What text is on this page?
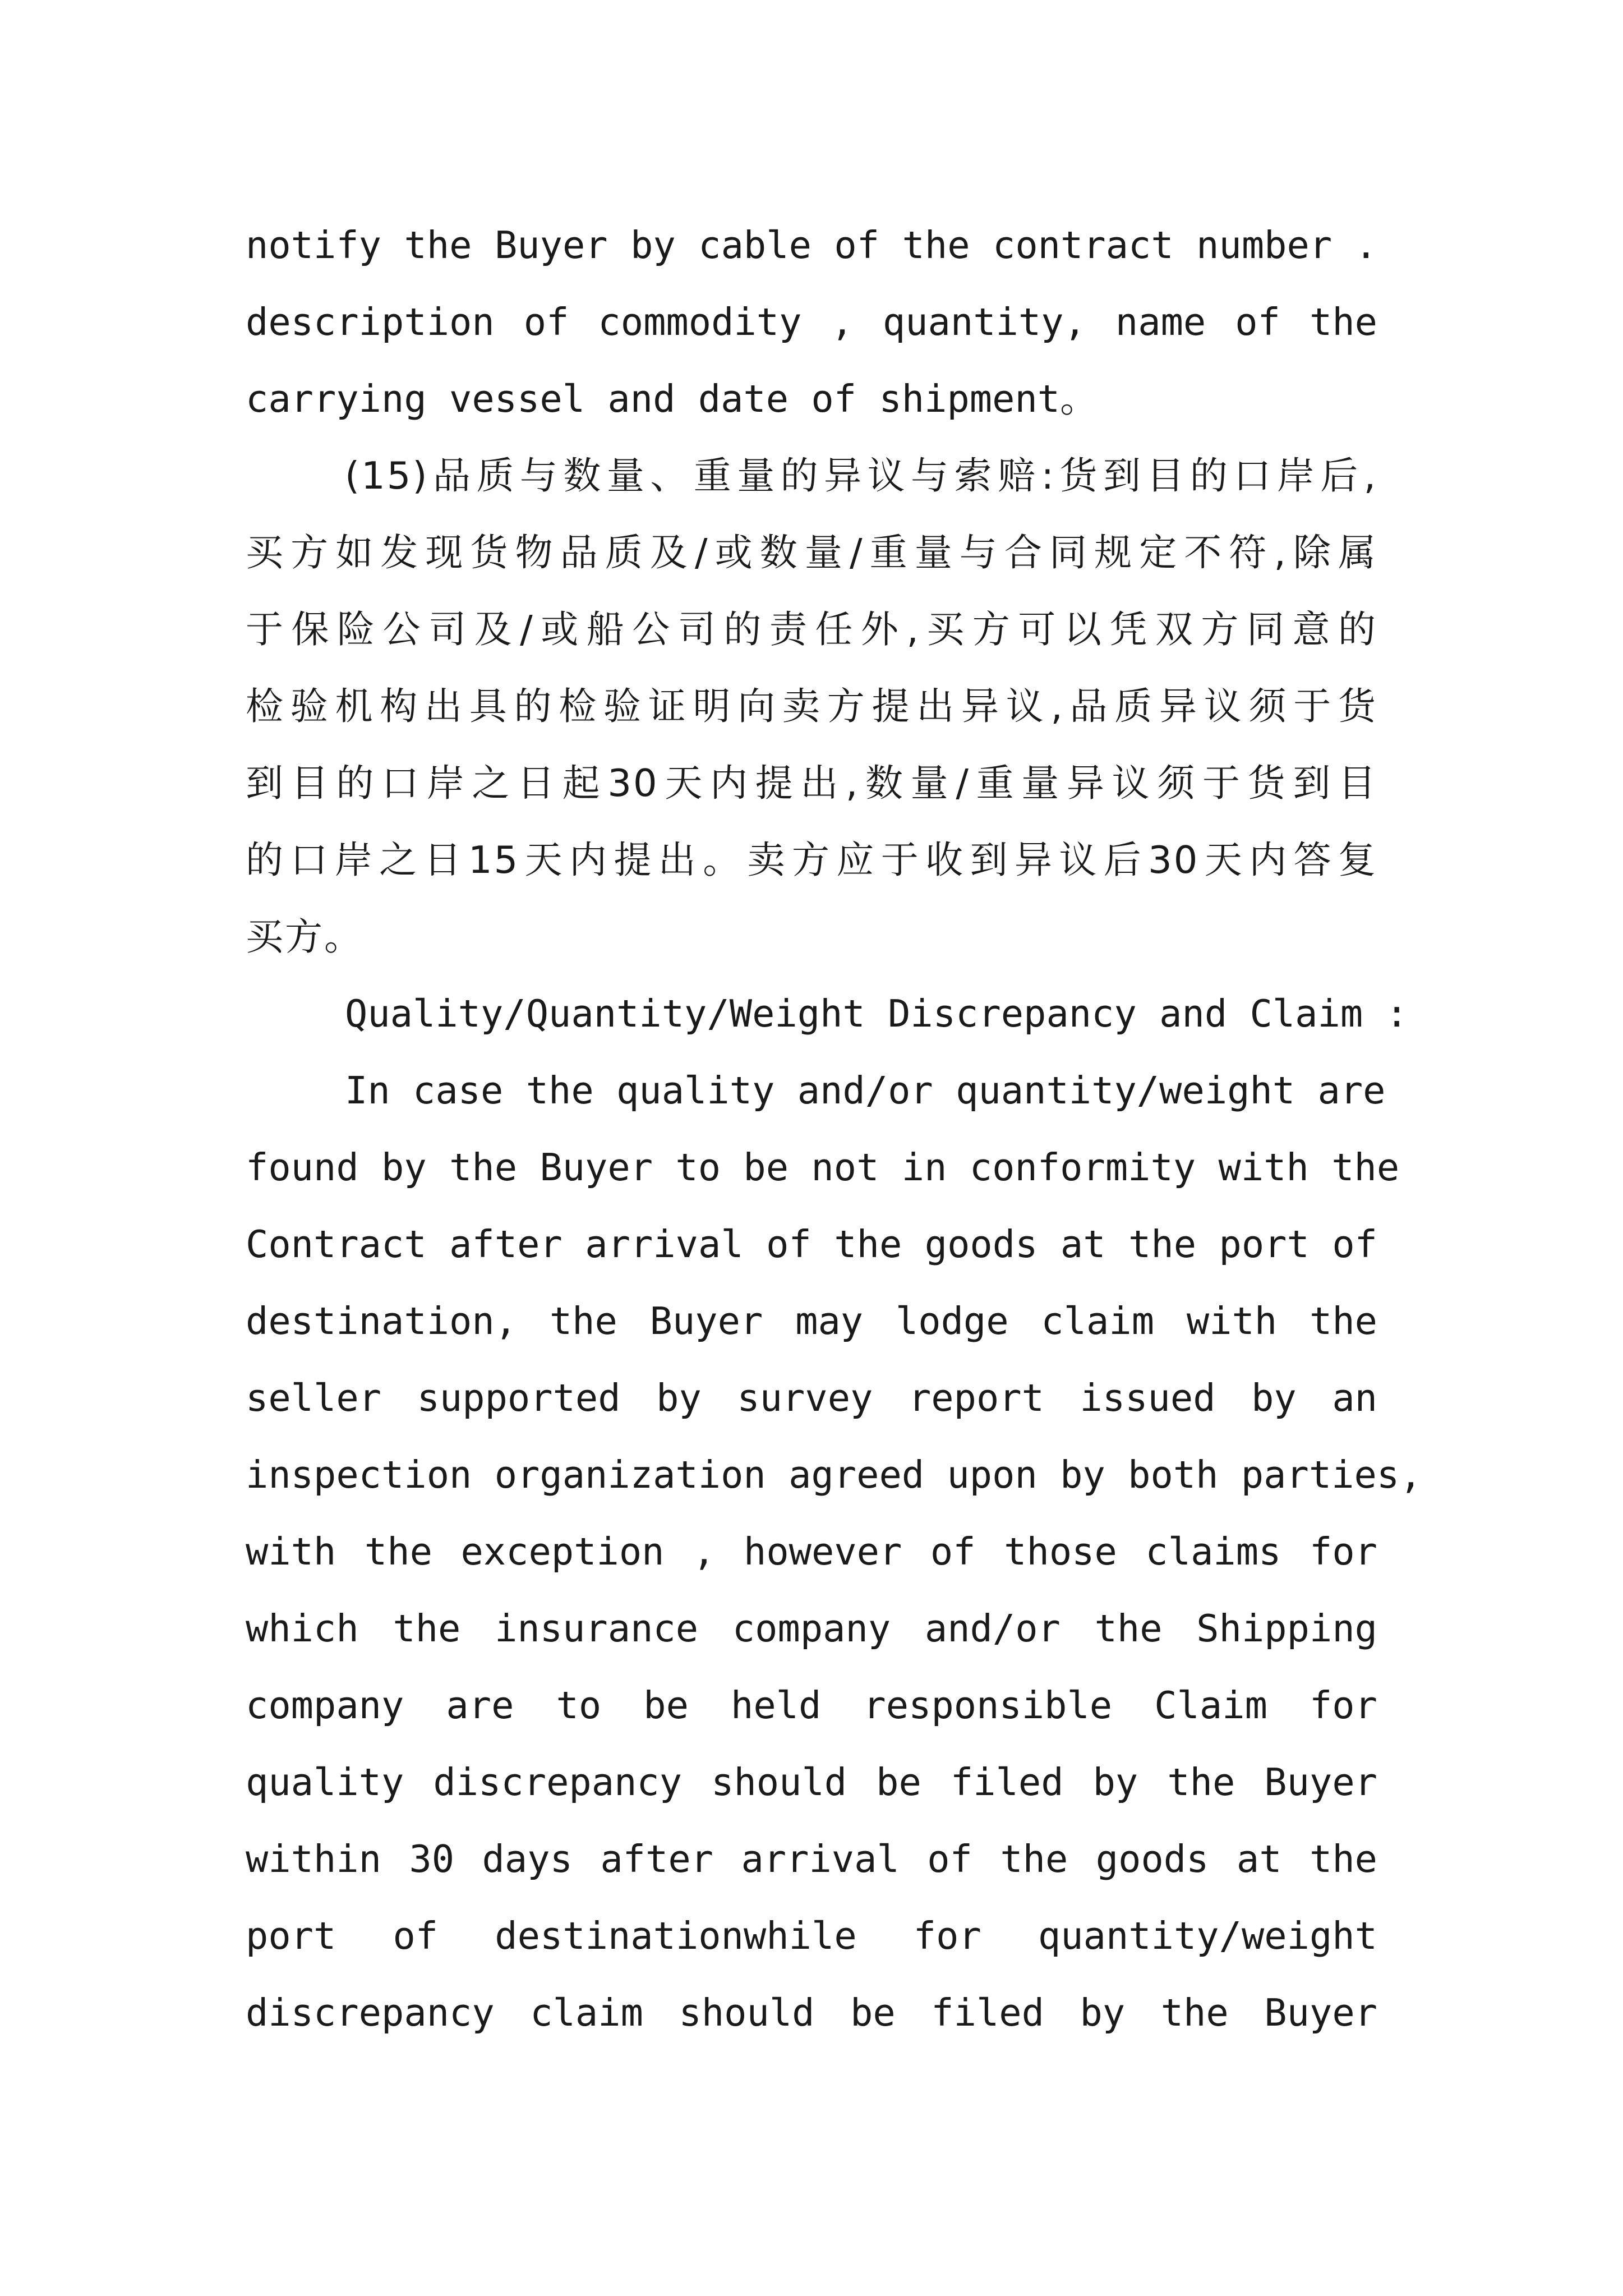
notify the Buyer by cable of the contract number .
description of commodity , quantity, name of the
carrying vessel and date of shipment。
(15)品质与数量、重量的异议与索赔:货到目的口岸后,
买方如发现货物品质及/或数量/重量与合同规定不符,除属
于保险公司及/或船公司的责任外,买方可以凭双方同意的
检验机构出具的检验证明向卖方提出异议,品质异议须于货
到目的口岸之日起30天内提出,数量/重量异议须于货到目
的口岸之日15天内提出。卖方应于收到异议后30天内答复
买方。
Quality/Quantity/Weight Discrepancy and Claim :
In case the quality and/or quantity/weight are
found by the Buyer to be not in conformity with the
Contract after arrival of the goods at the port of
destination, the Buyer may lodge claim with the
seller supported by survey report issued by an
inspection organization agreed upon by both parties,
with the exception , however of those claims for
which the insurance company and/or the Shipping
company are to be held responsible Claim for
quality discrepancy should be filed by the Buyer
within 30 days after arrival of the goods at the
port of destinationwhile for quantity/weight
discrepancy claim should be filed by the Buyer
